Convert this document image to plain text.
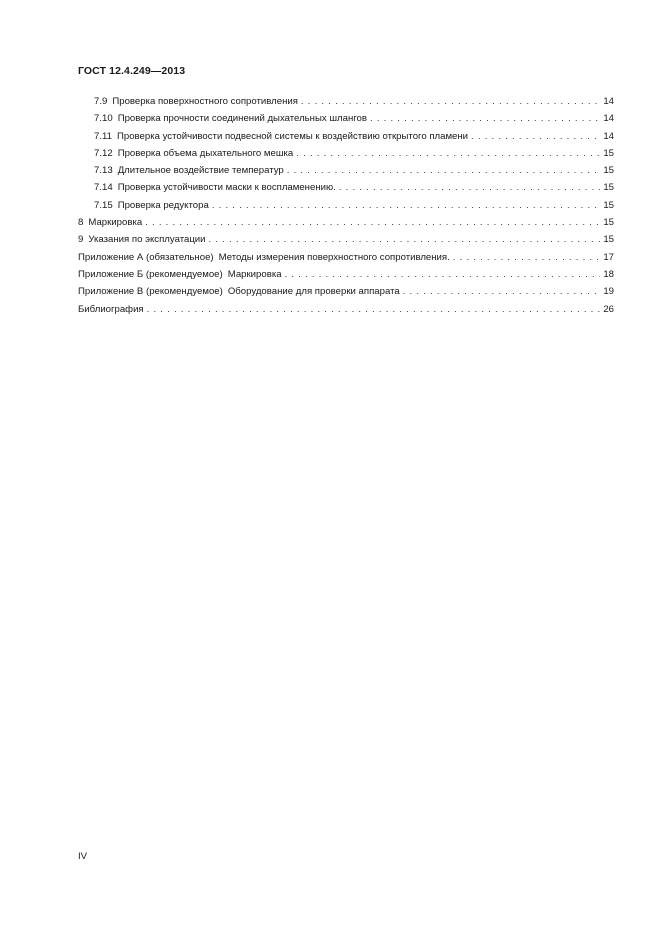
ГОСТ 12.4.249—2013
7.9 Проверка поверхностного сопротивления . . .	14
7.10 Проверка прочности соединений дыхательных шлангов . . .	14
7.11 Проверка устойчивости подвесной системы к воздействию открытого пламени . . .	14
7.12 Проверка объема дыхательного мешка . . .	15
7.13 Длительное воздействие температур . . .	15
7.14 Проверка устойчивости маски к воспламенению. . . .	15
7.15 Проверка редуктора . . .	15
8 Маркировка . . .	15
9 Указания по эксплуатации . . .	15
Приложение А (обязательное) Методы измерения поверхностного сопротивления. . . .	17
Приложение Б (рекомендуемое) Маркировка . . .	18
Приложение В (рекомендуемое) Оборудование для проверки аппарата . . .	19
Библиография . . .	26
IV
